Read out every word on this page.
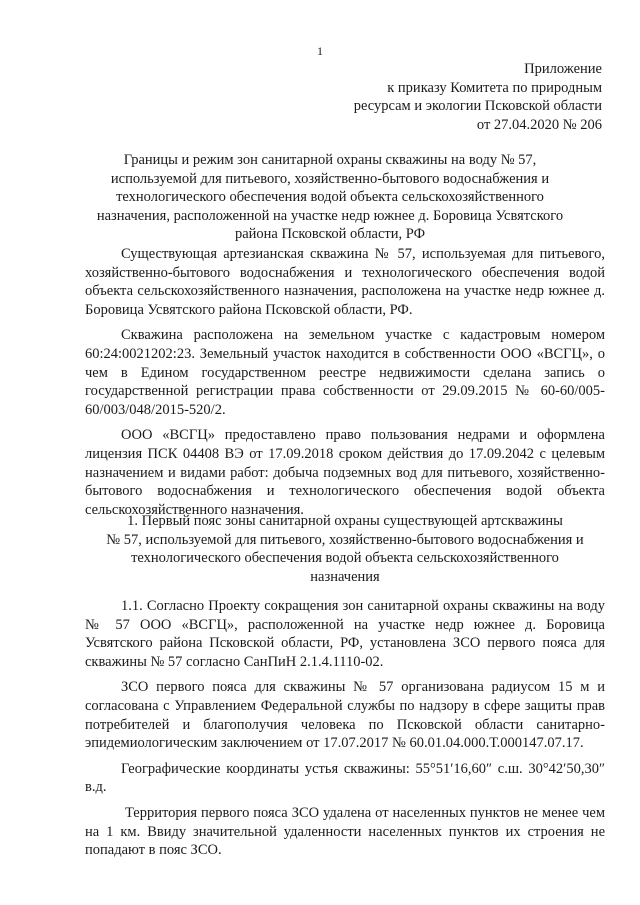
1
Приложение
к приказу Комитета по природным
ресурсам и экологии Псковской области
от 27.04.2020 № 206
Границы и режим зон санитарной охраны скважины на воду № 57,
используемой для питьевого, хозяйственно-бытового водоснабжения и
технологического обеспечения водой объекта сельскохозяйственного
назначения, расположенной на участке недр южнее д. Боровица Усвятского
района Псковской области, РФ

Существующая артезианская скважина № 57, используемая для питьевого, хозяйственно-бытового водоснабжения и технологического обеспечения водой объекта сельскохозяйственного назначения, расположена на участке недр южнее д. Боровица Усвятского района Псковской области, РФ.

Скважина расположена на земельном участке с кадастровым номером 60:24:0021202:23. Земельный участок находится в собственности ООО «ВСГЦ», о чем в Едином государственном реестре недвижимости сделана запись о государственной регистрации права собственности от 29.09.2015 № 60-60/005-60/003/048/2015-520/2.

ООО «ВСГЦ» предоставлено право пользования недрами и оформлена лицензия ПСК 04408 ВЭ от 17.09.2018 сроком действия до 17.09.2042 с целевым назначением и видами работ: добыча подземных вод для питьевого, хозяйственно-бытового водоснабжения и технологического обеспечения водой объекта сельскохозяйственного назначения.

1. Первый пояс зоны санитарной охраны существующей артскважины
№ 57, используемой для питьевого, хозяйственно-бытового водоснабжения и
технологического обеспечения водой объекта сельскохозяйственного
назначения

1.1. Согласно Проекту сокращения зон санитарной охраны скважины на воду № 57 ООО «ВСГЦ», расположенной на участке недр южнее д. Боровица Усвятского района Псковской области, РФ, установлена ЗСО первого пояса для скважины № 57 согласно СанПиН 2.1.4.1110-02.

ЗСО первого пояса для скважины № 57 организована радиусом 15 м и согласована с Управлением Федеральной службы по надзору в сфере защиты прав потребителей и благополучия человека по Псковской области санитарно-эпидемиологическим заключением от 17.07.2017 № 60.01.04.000.Т.000147.07.17.

Географические координаты устья скважины: 55°51′16,60″ с.ш. 30°42′50,30″ в.д.

Территория первого пояса ЗСО удалена от населенных пунктов не менее чем на 1 км. Ввиду значительной удаленности населенных пунктов их строения не попадают в пояс ЗСО.
